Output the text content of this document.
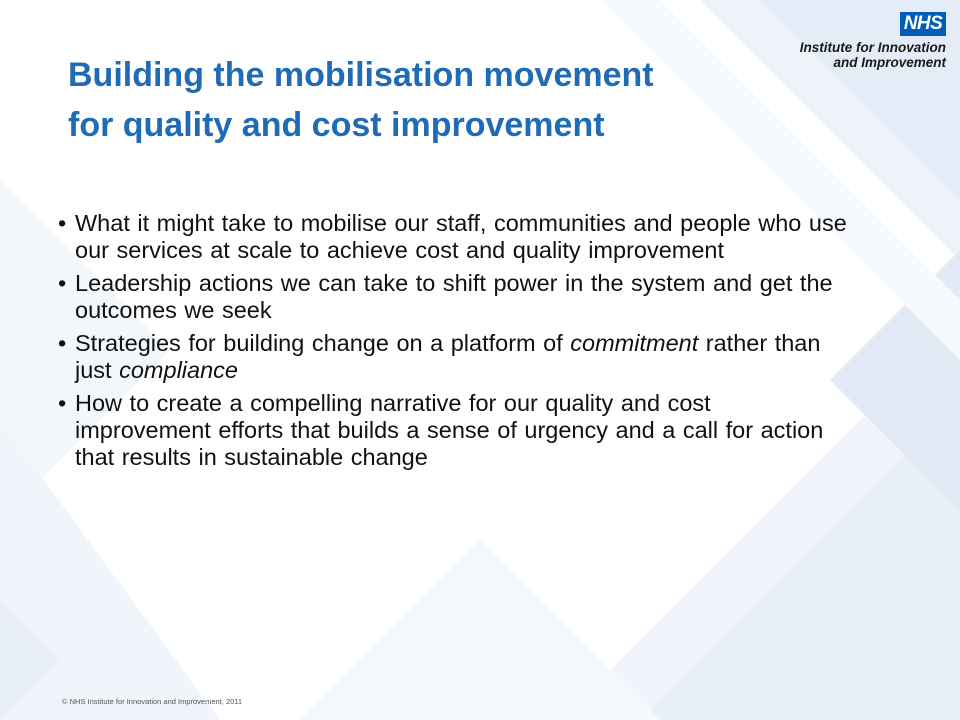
NHS
Institute for Innovation
and Improvement
Building the mobilisation movement
for quality and cost improvement
• What it might take to mobilise our staff, communities and people who use our services at scale to achieve cost and quality improvement
• Leadership actions we can take to shift power in the system and get the outcomes we seek
• Strategies for building change on a platform of commitment rather than just compliance
• How to create a compelling narrative for our quality and cost improvement efforts that builds a sense of urgency and a call for action that results in sustainable change
© NHS Institute for Innovation and Improvement, 2011
